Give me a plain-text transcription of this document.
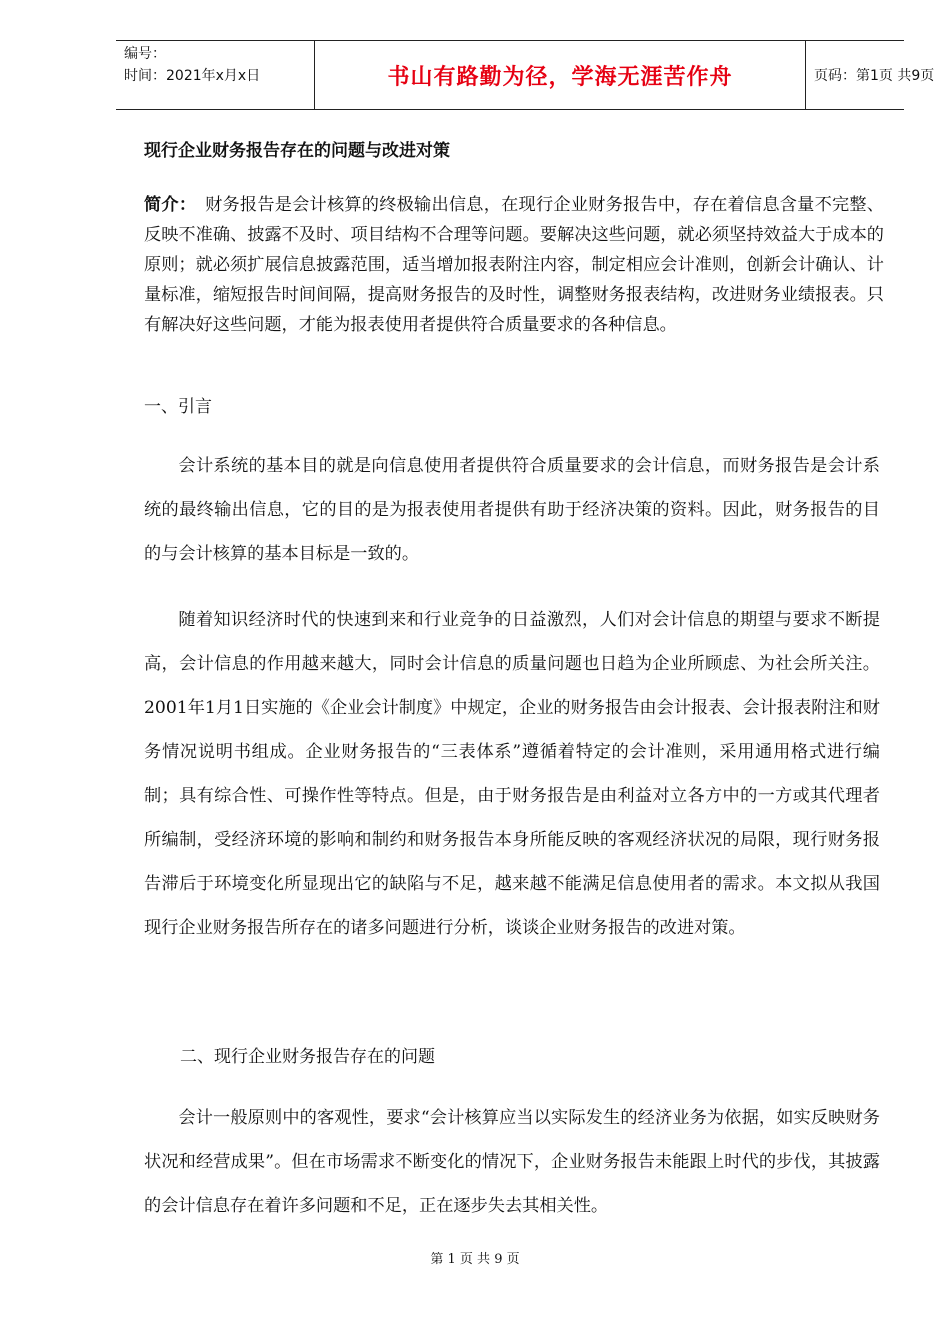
编号：
时间：2021年x月x日	书山有路勤为径，学海无涯苦作舟	页码：第1页 共9页
现行企业财务报告存在的问题与改进对策
简介：　财务报告是会计核算的终极输出信息，在现行企业财务报告中，存在着信息含量不完整、反映不准确、披露不及时、项目结构不合理等问题。要解决这些问题，就必须坚持效益大于成本的原则；就必须扩展信息披露范围，适当增加报表附注内容，制定相应会计准则，创新会计确认、计量标准，缩短报告时间间隔，提高财务报告的及时性，调整财务报表结构，改进财务业绩报表。只有解决好这些问题，才能为报表使用者提供符合质量要求的各种信息。
一、引言

会计系统的基本目的就是向信息使用者提供符合质量要求的会计信息，而财务报告是会计系统的最终输出信息，它的目的是为报表使用者提供有助于经济决策的资料。因此，财务报告的目的与会计核算的基本目标是一致的。

随着知识经济时代的快速到来和行业竞争的日益激烈，人们对会计信息的期望与要求不断提高，会计信息的作用越来越大，同时会计信息的质量问题也日趋为企业所顾虑、为社会所关注。2001年1月1日实施的《企业会计制度》中规定，企业的财务报告由会计报表、会计报表附注和财务情况说明书组成。企业财务报告的“三表体系”遵循着特定的会计准则，采用通用格式进行编制；具有综合性、可操作性等特点。但是，由于财务报告是由利益对立各方中的一方或其代理者所编制，受经济环境的影响和制约和财务报告本身所能反映的客观经济状况的局限，现行财务报告滞后于环境变化所显现出它的缺陷与不足，越来越不能满足信息使用者的需求。本文拟从我国现行企业财务报告所存在的诸多问题进行分析，谈谈企业财务报告的改进对策。

二、现行企业财务报告存在的问题

会计一般原则中的客观性，要求“会计核算应当以实际发生的经济业务为依据，如实反映财务状况和经营成果”。但在市场需求不断变化的情况下，企业财务报告未能跟上时代的步伐，其披露的会计信息存在着许多问题和不足，正在逐步失去其相关性。

第 1 页 共 9 页
